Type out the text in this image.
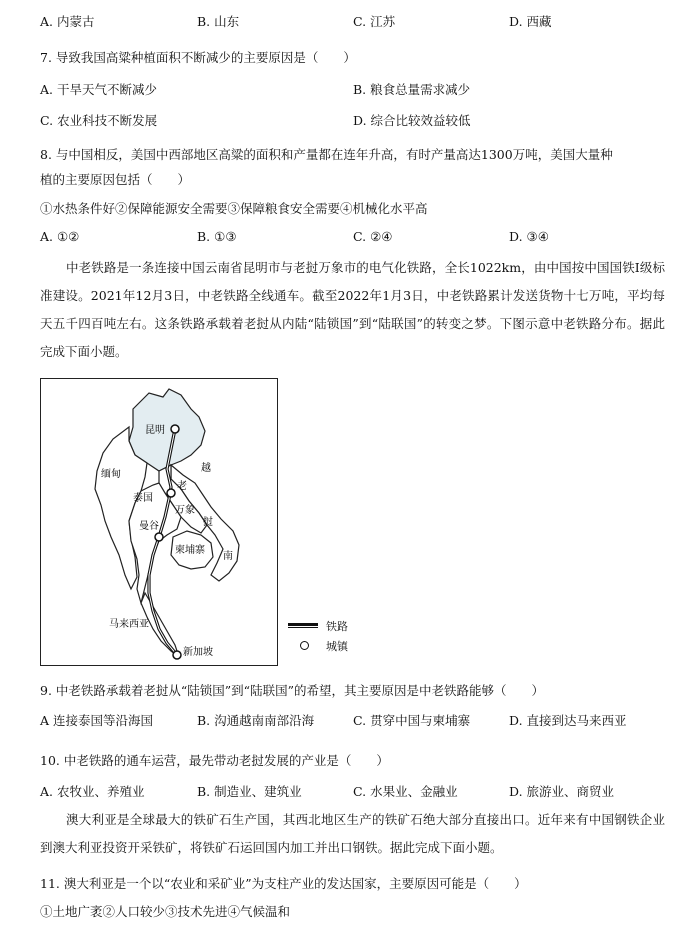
A. 内蒙古	B. 山东	C. 江苏	D. 西藏
7. 导致我国高粱种植面积不断减少的主要原因是（　　）
A. 干旱天气不断减少	B. 粮食总量需求减少
C. 农业科技不断发展	D. 综合比较效益较低
8. 与中国相反，美国中西部地区高粱的面积和产量都在连年升高，有时产量高达1300万吨，美国大量种
植的主要原因包括（　　）
①水热条件好②保障能源安全需要③保障粮食安全需要④机械化水平高
A. ①②	B. ①③	C. ②④	D. ③④
中老铁路是一条连接中国云南省昆明市与老挝万象市的电气化铁路，全长1022km，由中国按中国国铁Ⅰ级标准建设。2021年12月3日，中老铁路全线通车。截至2022年1月3日，中老铁路累计发送货物十七万吨，平均每天五千四百吨左右。这条铁路承载着老挝从内陆“陆锁国”到“陆联国”的转变之梦。下图示意中老铁路分布。据此完成下面小题。
昆明
缅甸
越
老
泰国
万象
挝
曼谷
柬埔寨
南
马来西亚
新加坡
铁路
城镇
9. 中老铁路承载着老挝从“陆锁国”到“陆联国”的希望，其主要原因是中老铁路能够（　　）
A 连接泰国等沿海国	B. 沟通越南南部沿海	C. 贯穿中国与柬埔寨	D. 直接到达马来西亚
10. 中老铁路的通车运营，最先带动老挝发展的产业是（　　）
A. 农牧业、养殖业	B. 制造业、建筑业	C. 水果业、金融业	D. 旅游业、商贸业
澳大利亚是全球最大的铁矿石生产国，其西北地区生产的铁矿石绝大部分直接出口。近年来有中国钢铁企业到澳大利亚投资开采铁矿，将铁矿石运回国内加工并出口钢铁。据此完成下面小题。
11. 澳大利亚是一个以“农业和采矿业”为支柱产业的发达国家，主要原因可能是（　　）
①土地广袤②人口较少③技术先进④气候温和
